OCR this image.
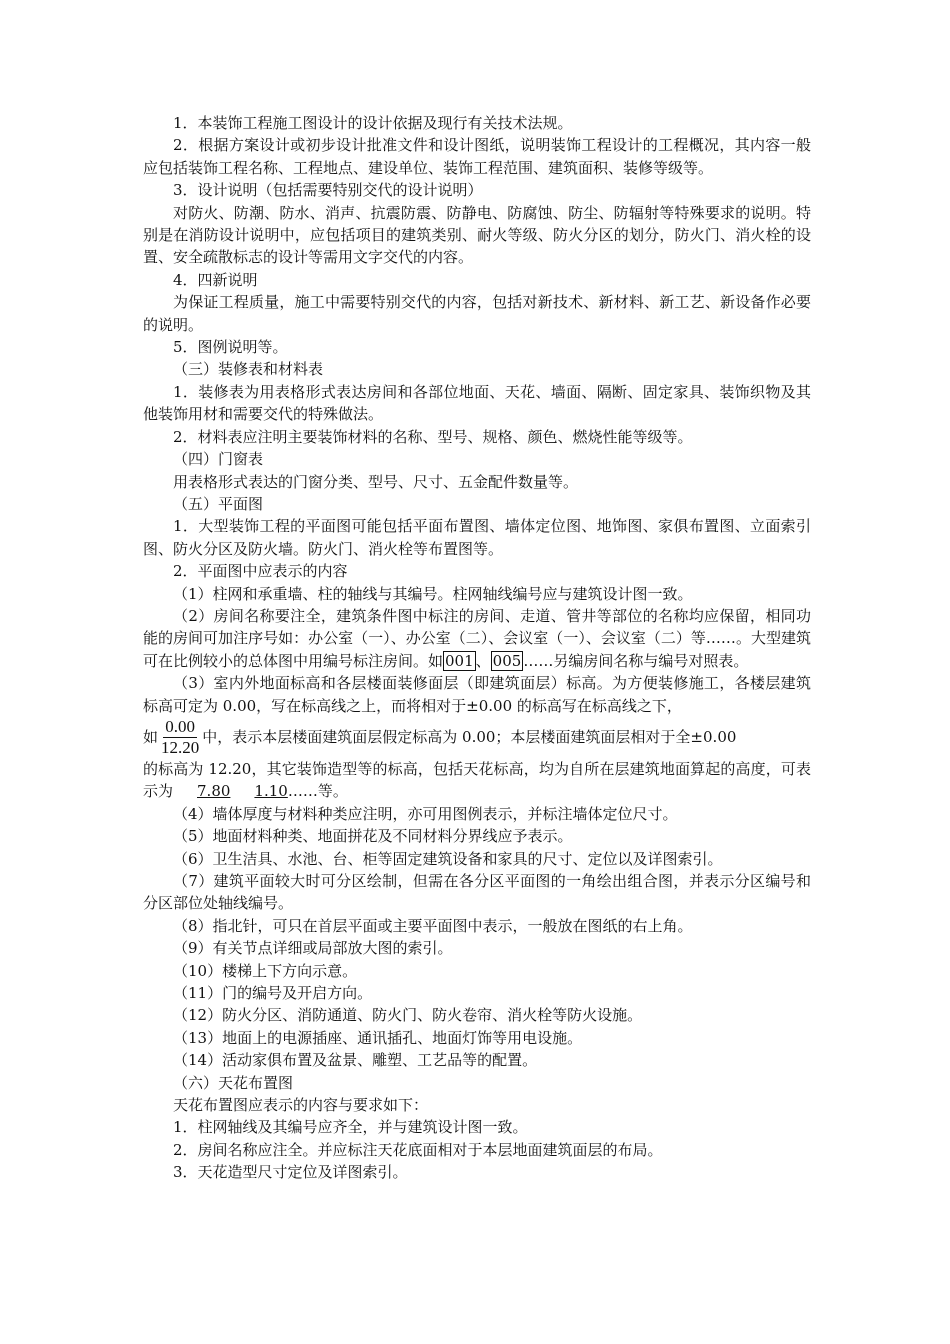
1．本装饰工程施工图设计的设计依据及现行有关技术法规。

2．根据方案设计或初步设计批准文件和设计图纸，说明装饰工程设计的工程概况，其内容一般应包括装饰工程名称、工程地点、建设单位、装饰工程范围、建筑面积、装修等级等。

3．设计说明（包括需要特别交代的设计说明）

对防火、防潮、防水、消声、抗震防震、防静电、防腐蚀、防尘、防辐射等特殊要求的说明。特别是在消防设计说明中，应包括项目的建筑类别、耐火等级、防火分区的划分，防火门、消火栓的设置、安全疏散标志的设计等需用文字交代的内容。

4．四新说明

为保证工程质量，施工中需要特别交代的内容，包括对新技术、新材料、新工艺、新设备作必要的说明。

5．图例说明等。

（三）装修表和材料表

1．装修表为用表格形式表达房间和各部位地面、天花、墙面、隔断、固定家具、装饰织物及其他装饰用材和需要交代的特殊做法。

2．材料表应注明主要装饰材料的名称、型号、规格、颜色、燃烧性能等级等。

（四）门窗表

用表格形式表达的门窗分类、型号、尺寸、五金配件数量等。

（五）平面图

1．大型装饰工程的平面图可能包括平面布置图、墙体定位图、地饰图、家俱布置图、立面索引图、防火分区及防火墙。防火门、消火栓等布置图等。

2．平面图中应表示的内容

（1）柱网和承重墙、柱的轴线与其编号。柱网轴线编号应与建筑设计图一致。

（2）房间名称要注全，建筑条件图中标注的房间、走道、管井等部位的名称均应保留，相同功能的房间可加注序号如：办公室（一）、办公室（二）、会议室（一）、会议室（二）等……。大型建筑可在比例较小的总体图中用编号标注房间。如 001 、 005 ……另编房间名称与编号对照表。

（3）室内外地面标高和各层楼面装修面层（即建筑面层）标高。为方便装修施工，各楼层建筑标高可定为 0.00，写在标高线之上，而将相对于±0.00 的标高写在标高线之下，

如 $\frac{0.00}{12.20}$ 中，表示本层楼面建筑面层假定标高为 0.00；本层楼面建筑面层相对于全±0.00

的标高为 12.20，其它装饰造型等的标高，包括天花标高，均为自所在层建筑地面算起的高度，可表示为 7.80 1.10……等。

（4）墙体厚度与材料种类应注明，亦可用图例表示，并标注墙体定位尺寸。

（5）地面材料种类、地面拼花及不同材料分界线应予表示。

（6）卫生洁具、水池、台、柜等固定建筑设备和家具的尺寸、定位以及详图索引。

（7）建筑平面较大时可分区绘制，但需在各分区平面图的一角绘出组合图，并表示分区编号和分区部位处轴线编号。

（8）指北针，可只在首层平面或主要平面图中表示，一般放在图纸的右上角。

（9）有关节点详细或局部放大图的索引。

（10）楼梯上下方向示意。

（11）门的编号及开启方向。

（12）防火分区、消防通道、防火门、防火卷帘、消火栓等防火设施。

（13）地面上的电源插座、通讯插孔、地面灯饰等用电设施。

（14）活动家俱布置及盆景、雕塑、工艺品等的配置。

（六）天花布置图

天花布置图应表示的内容与要求如下：

1．柱网轴线及其编号应齐全，并与建筑设计图一致。

2．房间名称应注全。并应标注天花底面相对于本层地面建筑面层的布局。

3．天花造型尺寸定位及详图索引。
